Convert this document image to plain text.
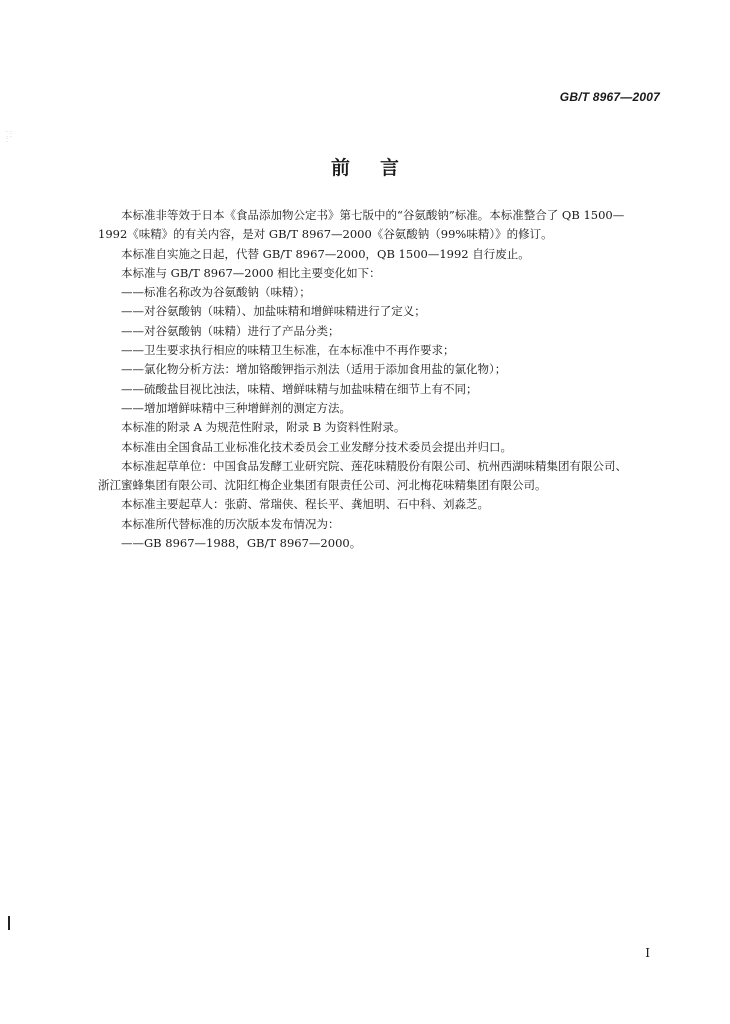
GB/T 8967—2007
前言
本标准非等效于日本《食品添加物公定书》第七版中的“谷氨酸钠”标准。本标准整合了 QB 1500—
1992《味精》的有关内容，是对 GB/T 8967—2000《谷氨酸钠（99%味精）》的修订。
本标准自实施之日起，代替 GB/T 8967—2000，QB 1500—1992 自行废止。
本标准与 GB/T 8967—2000 相比主要变化如下：
——标准名称改为谷氨酸钠（味精）；
——对谷氨酸钠（味精）、加盐味精和增鲜味精进行了定义；
——对谷氨酸钠（味精）进行了产品分类；
——卫生要求执行相应的味精卫生标准，在本标准中不再作要求；
——氯化物分析方法：增加铬酸钾指示剂法（适用于添加食用盐的氯化物）；
——硫酸盐目视比浊法，味精、增鲜味精与加盐味精在细节上有不同；
——增加增鲜味精中三种增鲜剂的测定方法。
本标准的附录 A 为规范性附录，附录 B 为资料性附录。
本标准由全国食品工业标准化技术委员会工业发酵分技术委员会提出并归口。
本标准起草单位：中国食品发酵工业研究院、莲花味精股份有限公司、杭州西湖味精集团有限公司、
浙江蜜蜂集团有限公司、沈阳红梅企业集团有限责任公司、河北梅花味精集团有限公司。
本标准主要起草人：张蔚、常瑞侠、程长平、龚旭明、石中科、刘淼芝。
本标准所代替标准的历次版本发布情况为：
——GB 8967—1988，GB/T 8967—2000。
I
· :
: ·
·
